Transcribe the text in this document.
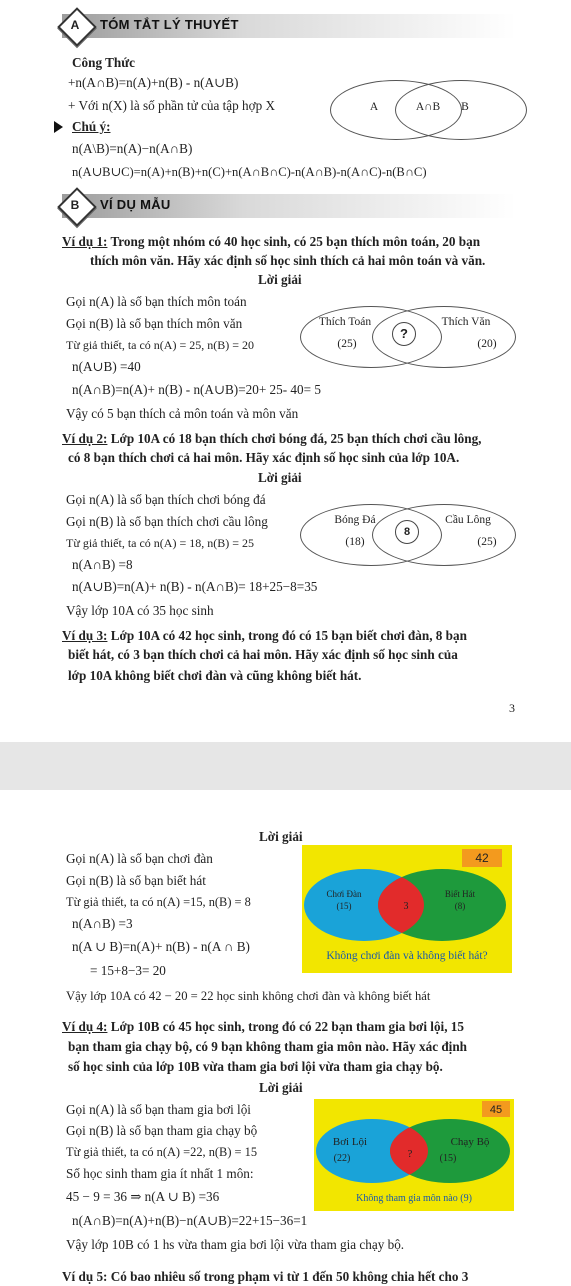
TÓM TẮT LÝ THUYẾT
A
Công Thức
+n(A∩B)=n(A)+n(B) - n(A∪B)
+ Với n(X) là số phần tử của tập hợp X
Chú ý:
n(A\B)=n(A)−n(A∩B)
n(A∪B∪C)=n(A)+n(B)+n(C)+n(A∩B∩C)-n(A∩B)-n(A∩C)-n(B∩C)
A	A∩B	B
VÍ DỤ MẪU
B
Ví dụ 1: Trong một nhóm có 40 học sinh, có 25 bạn thích môn toán, 20 bạn
thích môn văn. Hãy xác định số học sinh thích cả hai môn toán và văn.
Lời giải
Gọi n(A) là số bạn thích môn toán
Gọi n(B) là số bạn thích môn văn
Từ giả thiết, ta có n(A) = 25, n(B) = 20
n(A∪B) =40
n(A∩B)=n(A)+ n(B) - n(A∪B)=20+ 25- 40= 5
Vậy có 5 bạn thích cả môn toán và môn văn
Thích Toán
(25)
?
Thích Văn
(20)
Ví dụ 2: Lớp 10A có 18 bạn thích chơi bóng đá, 25 bạn thích chơi cầu lông,
có 8 bạn thích chơi cả hai môn. Hãy xác định số học sinh của lớp 10A.
Lời giải
Gọi n(A) là số bạn thích chơi bóng đá
Gọi n(B) là số bạn thích chơi cầu lông
Từ giả thiết, ta có n(A) = 18, n(B) = 25
n(A∩B) =8
n(A∪B)=n(A)+ n(B) - n(A∩B)= 18+25−8=35
Vậy lớp 10A có 35 học sinh
Bóng Đá
(18)
8
Cầu Lông
(25)
Ví dụ 3: Lớp 10A có 42 học sinh, trong đó có 15 bạn biết chơi đàn, 8 bạn
biết hát, có 3 bạn thích chơi cả hai môn. Hãy xác định số học sinh của
lớp 10A không biết chơi đàn và cũng không biết hát.
3
Lời giải
Gọi n(A) là số bạn chơi đàn
Gọi n(B) là số bạn biết hát
Từ giả thiết, ta có n(A) =15, n(B) = 8
n(A∩B) =3
n(A ∪ B)=n(A)+ n(B) - n(A ∩ B)
= 15+8−3= 20
Vậy lớp 10A có 42 − 20 = 22 học sinh không chơi đàn và không biết hát
42
Chơi Đàn
(15)	3
Biết Hát
(8)
Không chơi đàn và không biết hát?
Ví dụ 4: Lớp 10B có 45 học sinh, trong đó có 22 bạn tham gia bơi lội, 15
bạn tham gia chạy bộ, có 9 bạn không tham gia môn nào. Hãy xác định
số học sinh của lớp 10B vừa tham gia bơi lội vừa tham gia chạy bộ.
Lời giải
Gọi n(A) là số bạn tham gia bơi lội
Gọi n(B) là số bạn tham gia chạy bộ
Từ giả thiết, ta có n(A) =22, n(B) = 15
Số học sinh tham gia ít nhất 1 môn:
45 − 9 = 36 ⇒ n(A ∪ B) =36
n(A∩B)=n(A)+n(B)−n(A∪B)=22+15−36=1
Vậy lớp 10B có 1 hs vừa tham gia bơi lội vừa tham gia chạy bộ.
45
Bơi Lội
(22)	?
Chạy Bộ
(15)
Không tham gia môn nào (9)
Ví dụ 5: Có bao nhiêu số trong phạm vi từ 1 đến 50 không chia hết cho 3
